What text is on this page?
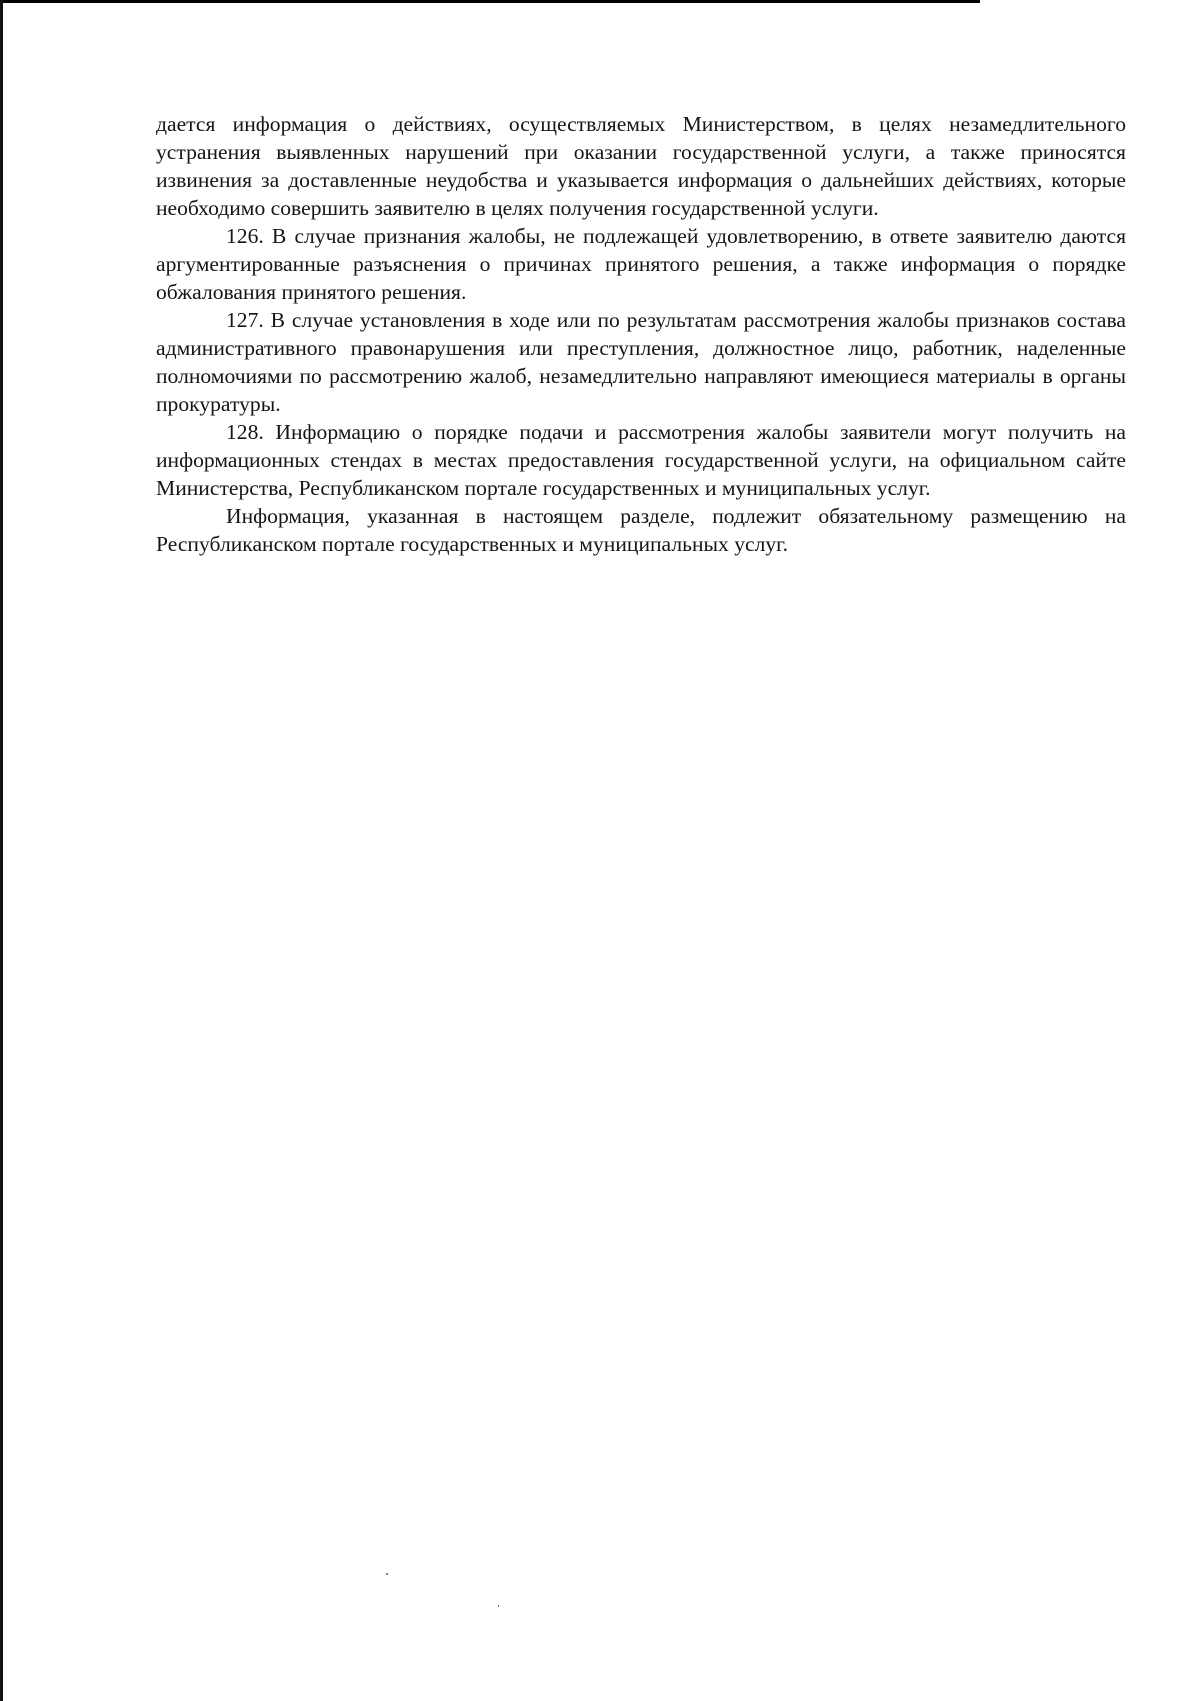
дается информация о действиях, осуществляемых Министерством, в целях незамедлительного устранения выявленных нарушений при оказании государственной услуги, а также приносятся извинения за доставленные неудобства и указывается информация о дальнейших действиях, которые необходимо совершить заявителю в целях получения государственной услуги.

126. В случае признания жалобы, не подлежащей удовлетворению, в ответе заявителю даются аргументированные разъяснения о причинах принятого решения, а также информация о порядке обжалования принятого решения.

127. В случае установления в ходе или по результатам рассмотрения жалобы признаков состава административного правонарушения или преступления, должностное лицо, работник, наделенные полномочиями по рассмотрению жалоб, незамедлительно направляют имеющиеся материалы в органы прокуратуры.

128. Информацию о порядке подачи и рассмотрения жалобы заявители могут получить на информационных стендах в местах предоставления государственной услуги, на официальном сайте Министерства, Республиканском портале государственных и муниципальных услуг.

Информация, указанная в настоящем разделе, подлежит обязательному размещению на Республиканском портале государственных и муниципальных услуг.
